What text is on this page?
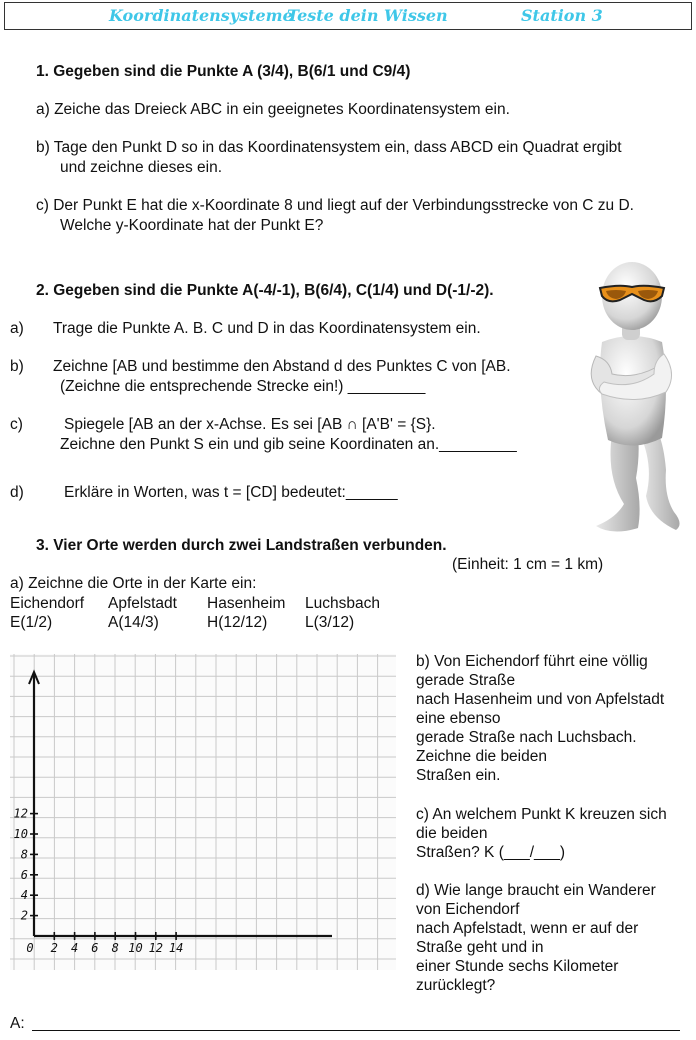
Koordinatensysteme
Teste dein Wissen	Station 3
1. Gegeben sind die Punkte A (3/4), B(6/1 und C9/4)
a) Zeiche das Dreieck ABC in ein geeignetes Koordinatensystem ein.
b) Tage den Punkt D so in das Koordinatensystem ein, dass ABCD ein Quadrat ergibt
und zeichne dieses ein.
c) Der Punkt E hat die x-Koordinate 8 und liegt auf der Verbindungsstrecke von C zu D.
Welche y-Koordinate hat der Punkt E?
2. Gegeben sind die Punkte A(-4/-1), B(6/4), C(1/4) und D(-1/-2).
a) Trage die Punkte A. B. C und D in das Koordinatensystem ein.
b) Zeichne [AB und bestimme den Abstand d des Punktes C von [AB.
(Zeichne die entsprechende Strecke ein!) _________
c)	Spiegele [AB an der x-Achse. Es sei [AB ∩ [A'B' = {S}.
Zeichne den Punkt S ein und gib seine Koordinaten an._________
d)	Erkläre in Worten, was t = [CD] bedeutet:______
3. Vier Orte werden durch zwei Landstraßen verbunden.
(Einheit: 1 cm = 1 km)
a) Zeichne die Orte in der Karte ein:
Eichendorf Apfelstadt Hasenheim Luchsbach
E(1/2)	A(14/3)	H(12/12) L(3/12)
12
10
8
6
4
2
0 2 4 6 8 10 12 14
b) Von Eichendorf führt eine völlig
gerade Straße
nach Hasenheim und von Apfelstadt
eine ebenso
gerade Straße nach Luchsbach.
Zeichne die beiden
Straßen ein.
c) An welchem Punkt K kreuzen sich
die beiden
Straßen? K (___/___)
d) Wie lange braucht ein Wanderer
von Eichendorf
nach Apfelstadt, wenn er auf der
Straße geht und in
einer Stunde sechs Kilometer
zurücklegt?
A:
